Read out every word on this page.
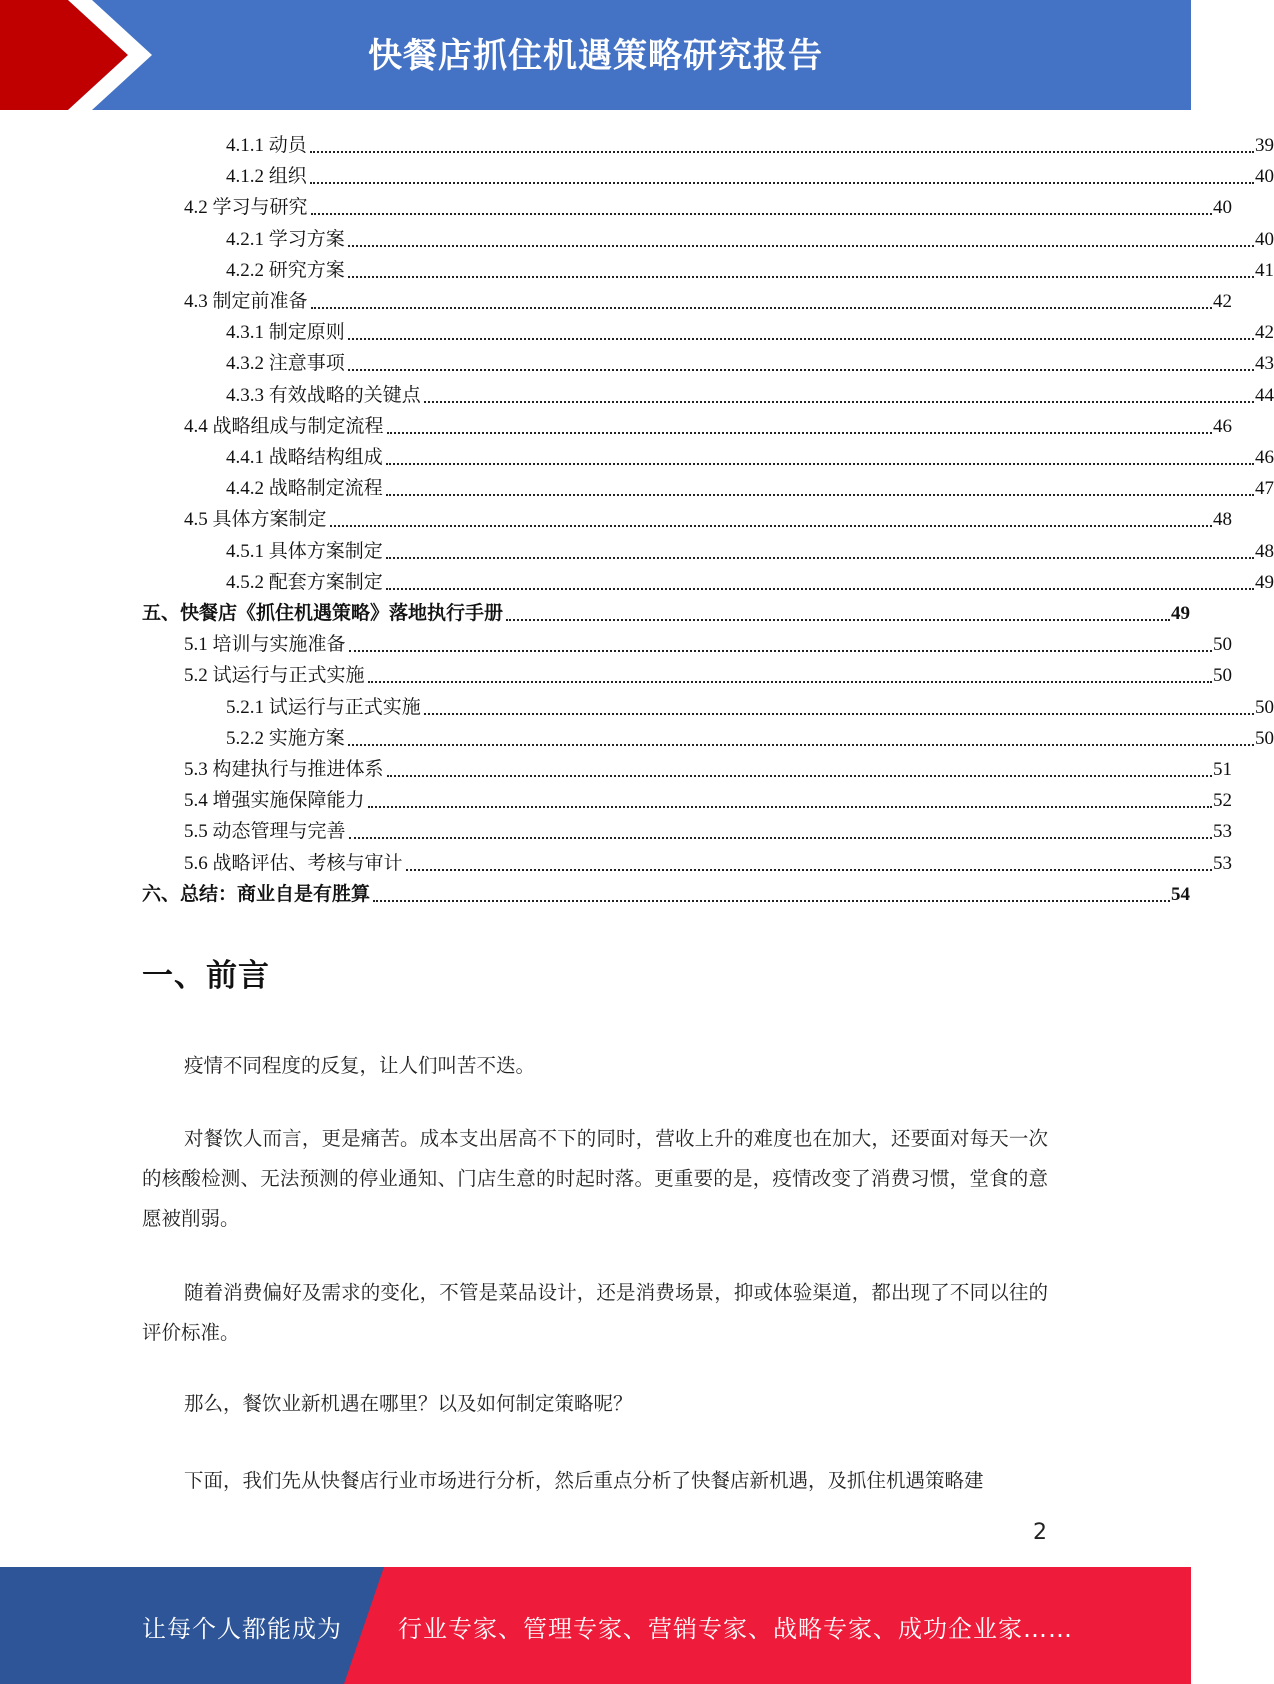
快餐店抓住机遇策略研究报告
4.1.1 动员	39
4.1.2 组织	40
4.2 学习与研究	40
4.2.1 学习方案	40
4.2.2 研究方案	41
4.3 制定前准备	42
4.3.1 制定原则	42
4.3.2 注意事项	43
4.3.3 有效战略的关键点	44
4.4 战略组成与制定流程	46
4.4.1 战略结构组成	46
4.4.2 战略制定流程	47
4.5 具体方案制定	48
4.5.1 具体方案制定	48
4.5.2 配套方案制定	49
五、快餐店《抓住机遇策略》落地执行手册	49
5.1 培训与实施准备	50
5.2 试运行与正式实施	50
5.2.1 试运行与正式实施	50
5.2.2 实施方案	50
5.3 构建执行与推进体系	51
5.4 增强实施保障能力	52
5.5 动态管理与完善	53
5.6 战略评估、考核与审计	53
六、总结：商业自是有胜算	54
一、前言
疫情不同程度的反复，让人们叫苦不迭。
对餐饮人而言，更是痛苦。成本支出居高不下的同时，营收上升的难度也在加大，还要面对每天一次的核酸检测、无法预测的停业通知、门店生意的时起时落。更重要的是，疫情改变了消费习惯，堂食的意愿被削弱。
随着消费偏好及需求的变化，不管是菜品设计，还是消费场景，抑或体验渠道，都出现了不同以往的评价标准。
那么，餐饮业新机遇在哪里？以及如何制定策略呢？
下面，我们先从快餐店行业市场进行分析，然后重点分析了快餐店新机遇，及抓住机遇策略建
2
让每个人都能成为 行业专家、管理专家、营销专家、战略专家、成功企业家……
